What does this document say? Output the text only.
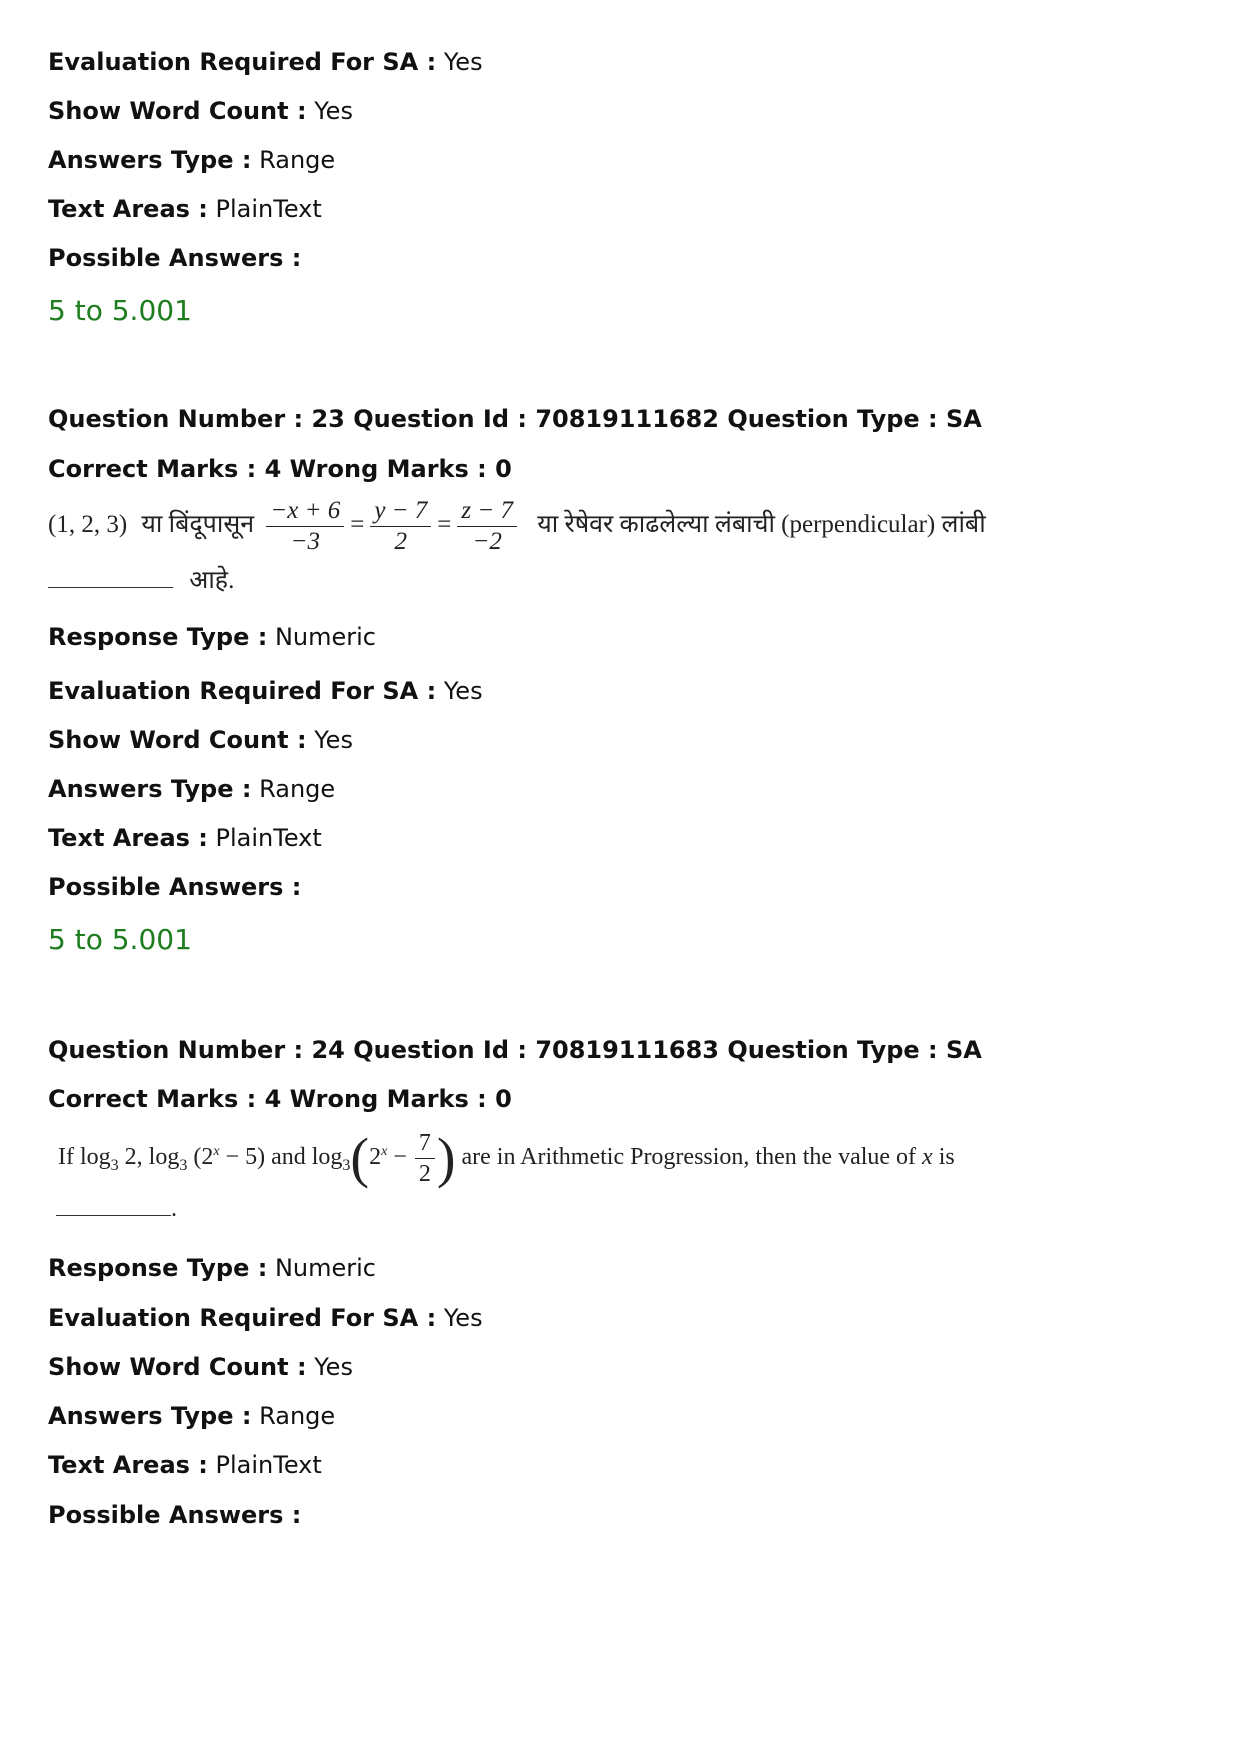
Evaluation Required For SA : Yes
Show Word Count : Yes
Answers Type : Range
Text Areas : PlainText
Possible Answers :
5 to 5.001
Question Number : 23 Question Id : 70819111682 Question Type : SA
Correct Marks : 4 Wrong Marks : 0
(1, 2, 3) या बिंदूपासून $\frac{-x + 6}{-3} = \frac{y - 7}{2} = \frac{z - 7}{-2}$ या रेषेवर काढलेल्या लंबाची (perpendicular) लांबी
आहे.
Response Type : Numeric
Evaluation Required For SA : Yes
Show Word Count : Yes
Answers Type : Range
Text Areas : PlainText
Possible Answers :
5 to 5.001
Question Number : 24 Question Id : 70819111683 Question Type : SA
Correct Marks : 4 Wrong Marks : 0
If $\log_3 2$, $\log_3 (2^x - 5)$ and $\log_3(2^x - \frac{7}{2}$ ) are in Arithmetic Progression, then the value of x is
.
Response Type : Numeric
Evaluation Required For SA : Yes
Show Word Count : Yes
Answers Type : Range
Text Areas : PlainText
Possible Answers :
